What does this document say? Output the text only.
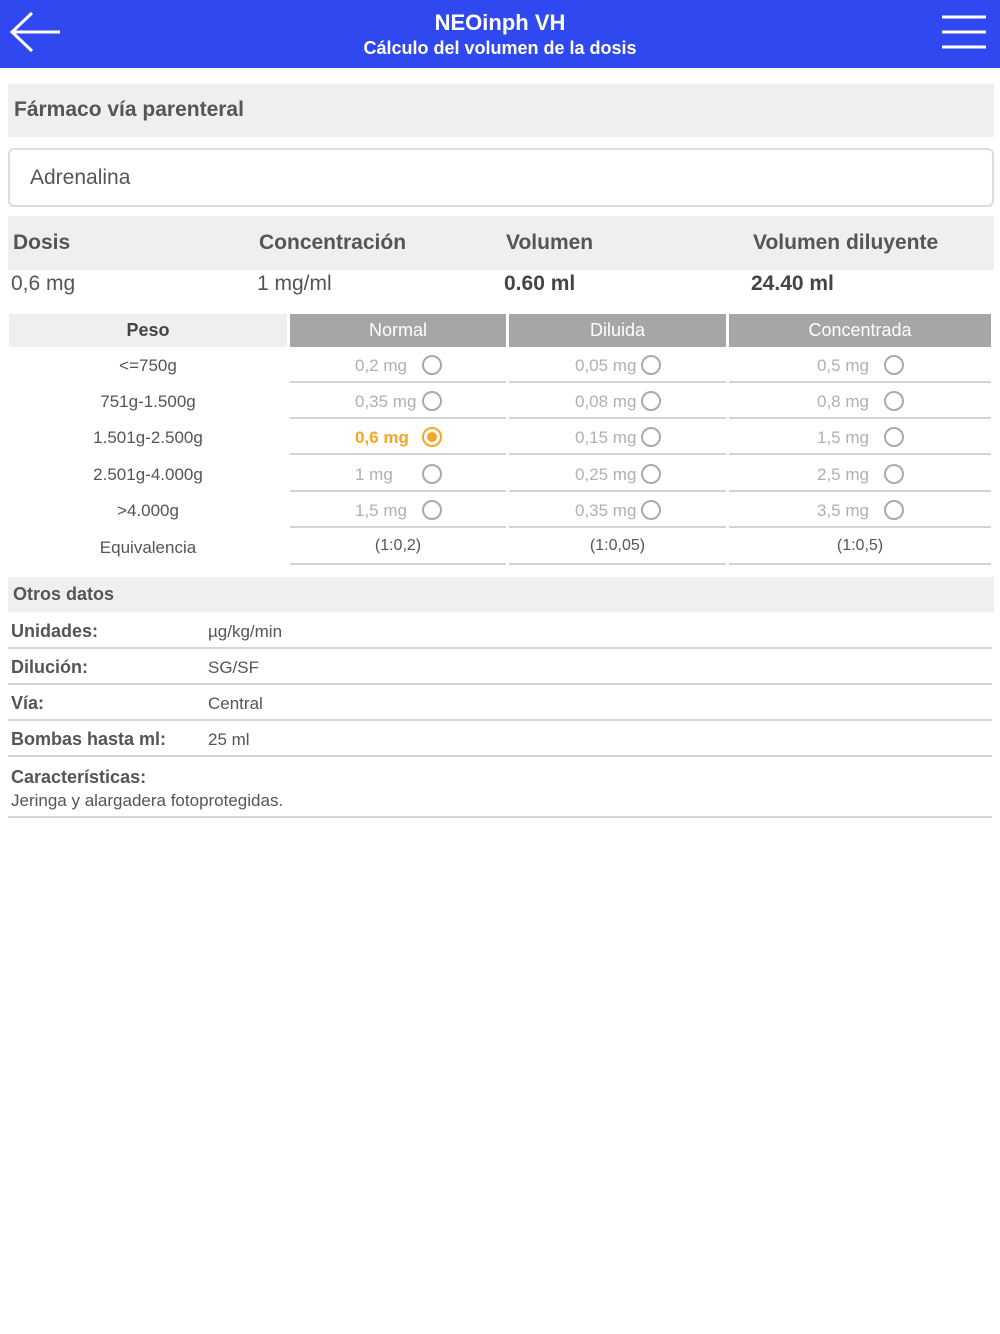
NEOinph VH
Cálculo del volumen de la dosis
Fármaco vía parenteral
Adrenalina
Dosis	Concentración	Volumen	Volumen diluyente
0,6 mg	1 mg/ml	0.60 ml	24.40 ml
Peso	Normal	Diluida	Concentrada
<=750g	0,2 mg	0,05 mg	0,5 mg
751g-1.500g	0,35 mg	0,08 mg	0,8 mg
1.501g-2.500g	0,6 mg	0,15 mg	1,5 mg
2.501g-4.000g	1 mg	0,25 mg	2,5 mg
>4.000g	1,5 mg	0,35 mg	3,5 mg
Equivalencia	(1:0,2)	(1:0,05)	(1:0,5)
Otros datos
Unidades:	µg/kg/min
Dilución:	SG/SF
Vía:	Central
Bombas hasta ml: 25 ml
Características:
Jeringa y alargadera fotoprotegidas.
